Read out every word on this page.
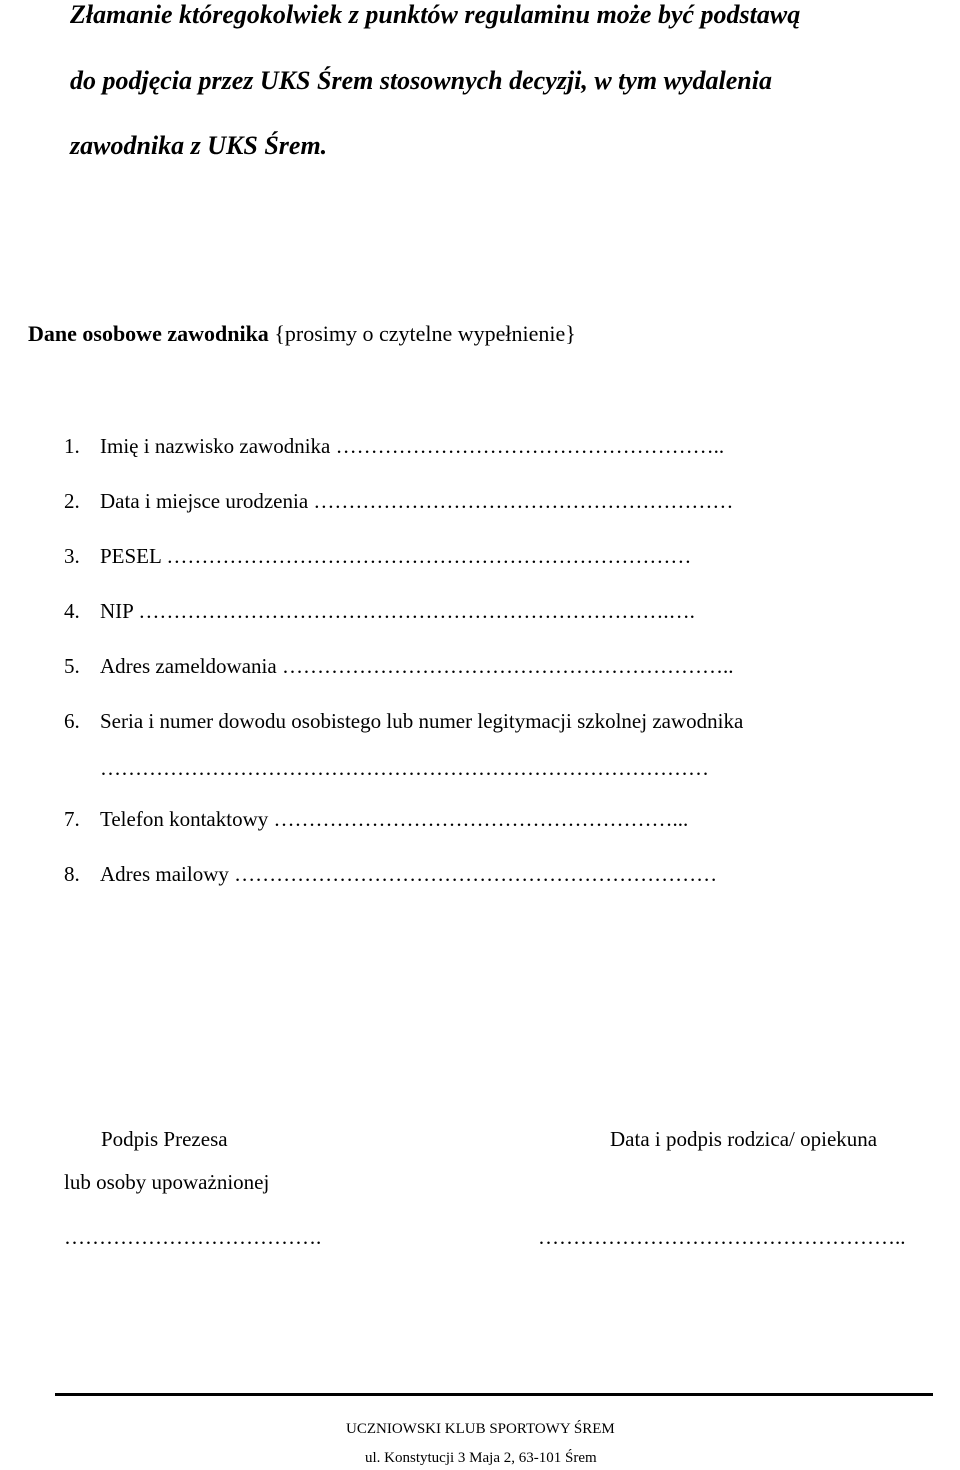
Złamanie któregokolwiek z punktów regulaminu może być podstawą
do podjęcia przez UKS Śrem stosownych decyzji, w tym wydalenia
zawodnika z UKS Śrem.
Dane osobowe zawodnika {prosimy o czytelne wypełnienie}
1. Imię i nazwisko zawodnika ………………………………………………..
2. Data i miejsce urodzenia ……………………………………………………
3. PESEL …………………………………………………………………
4. NIP ………………………………………………………………….….
5. Adres zameldowania ………………………………………………………..
6. Seria i numer dowodu osobistego lub numer legitymacji szkolnej zawodnika
……………………………………………………………………………
7. Telefon kontaktowy …………………………………………………...
8. Adres mailowy ……………………………………………………………
Podpis Prezesa
lub osoby upoważnionej
……………………………….
Data i podpis rodzica/ opiekuna
……………………………………………..
UCZNIOWSKI KLUB SPORTOWY ŚREM
ul. Konstytucji 3 Maja 2, 63-101 Śrem
